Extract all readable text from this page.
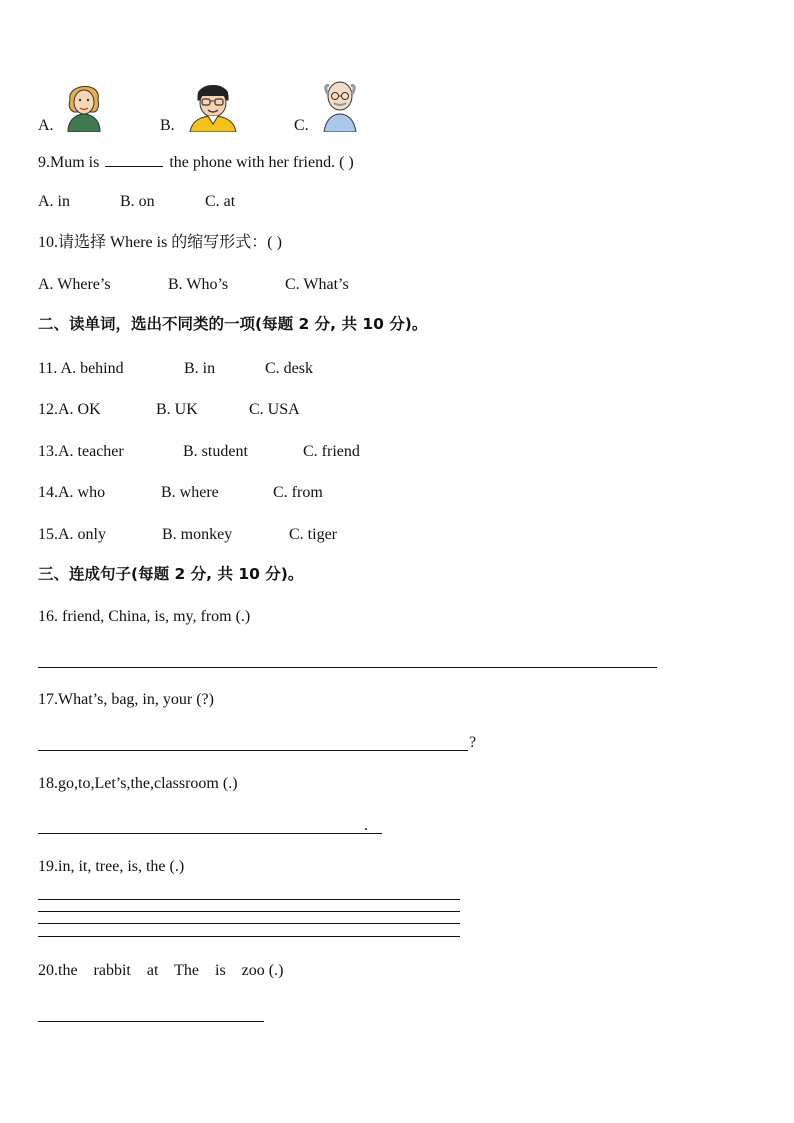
A.	B.	C.
9.Mum is	the phone with her friend. ( )
A. in	B. on	C. at
10.请选择 Where is 的缩写形式：( )
A. Where’s	B. Who’s	C. What’s
二、读单词，选出不同类的一项(每题 2 分, 共 10 分)。
11. A. behind	B. in	C. desk
12.A. OK	B. UK	C. USA
13.A. teacher	B. student	C. friend
14.A. who	B. where	C. from
15.A. only	B. monkey	C. tiger
三、连成句子(每题 2 分, 共 10 分)。
16. friend, China, is, my, from (.)
17.What’s, bag, in, your (?)
?
18.go,to,Let’s,the,classroom (.)
.
19.in, it, tree, is, the (.)
20.the    rabbit    at    The    is    zoo (.)
